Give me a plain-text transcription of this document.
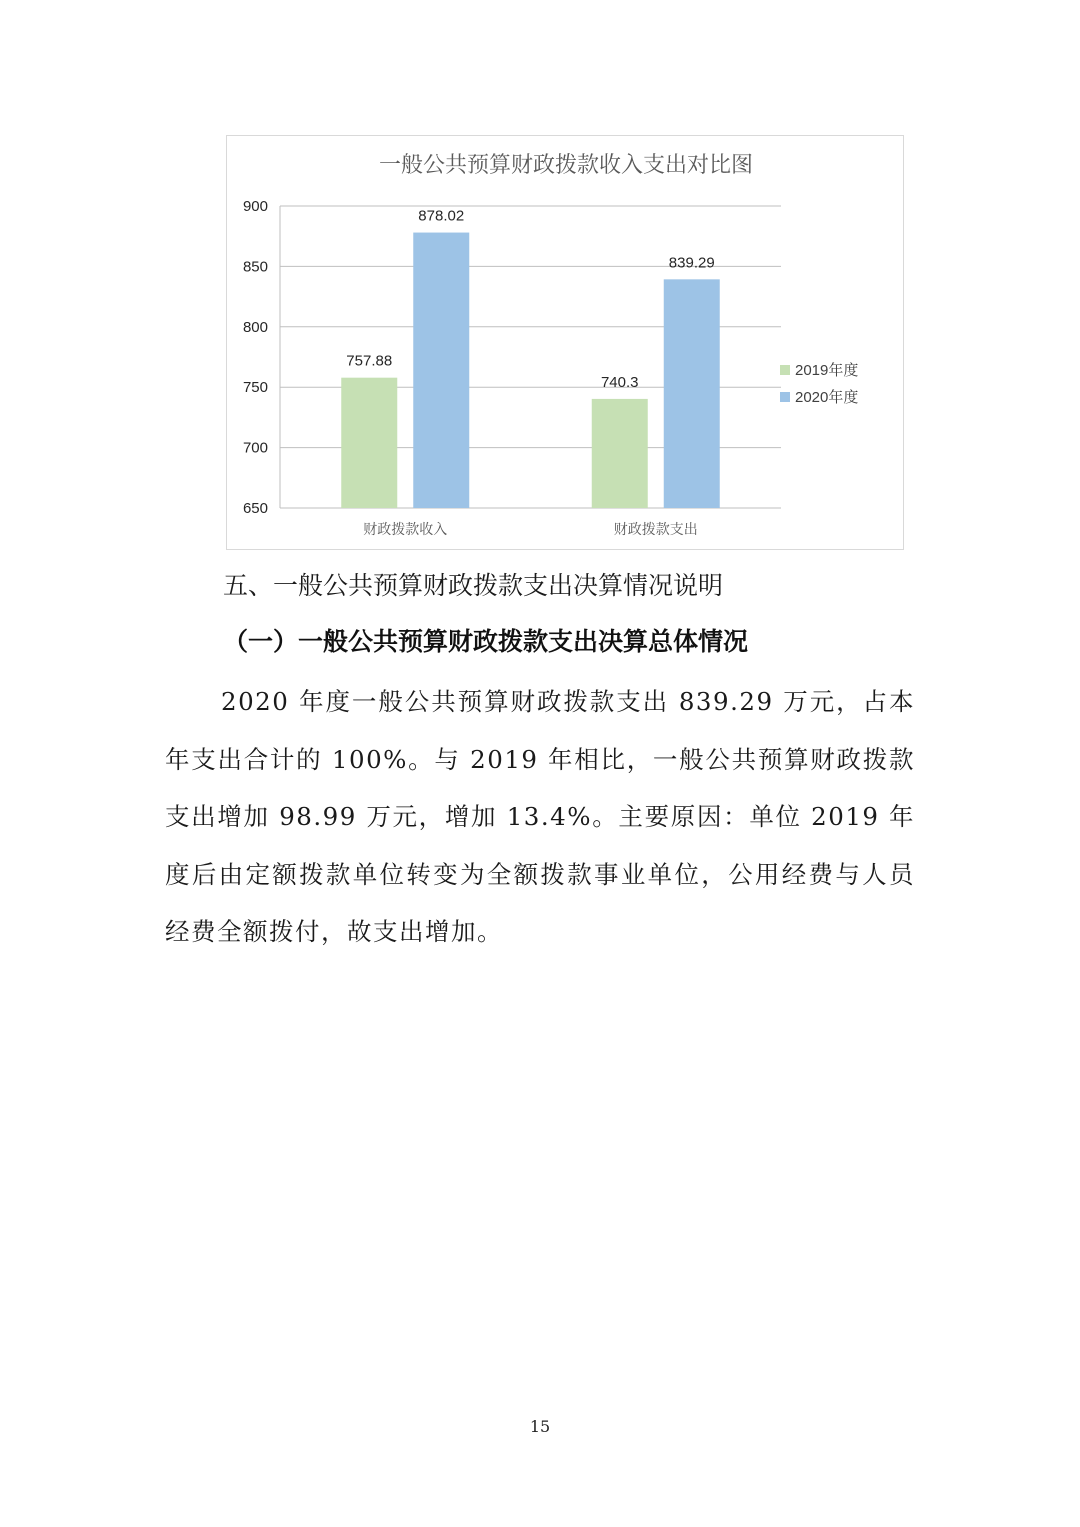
一般公共预算财政拨款收入支出对比图
650
700
750
800
850
900
757.88
878.02
财政拨款收入
740.3
839.29
财政拨款支出
2019年度
2020年度
五、一般公共预算财政拨款支出决算情况说明
（一）一般公共预算财政拨款支出决算总体情况
2020 年度一般公共预算财政拨款支出 839.29 万元，占本年支出合计的 100%。与 2019 年相比，一般公共预算财政拨款支出增加 98.99 万元，增加 13.4%。主要原因：单位 2019 年度后由定额拨款单位转变为全额拨款事业单位，公用经费与人员经费全额拨付，故支出增加。
15
